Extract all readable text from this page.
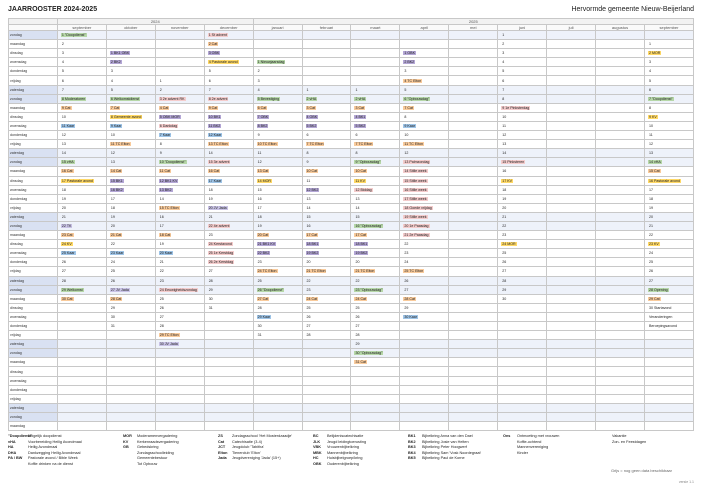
JAARROOSTER 2024-2025	Hervormde gemeente Nieuw-Beijerland
	2024				2025								
	september	oktober	november	december	januari	februari	maart	april	mei	juni	juli	augustus	september
zondag	1 "Doopdienst"			1 St advent						1			
maandag	2			2 Cat						2			1
dinsdag	3	1 BK1 OBK		3 OBK				1 OBK		3			2 MOR
woensdag	4	2 BK2		4 Pastorale avond	1 Nieuwjaarsdag			2 BK2		4			3
donderdag	5	3		5	2			3		5			4
vrijdag	6	4	1	6	3			4 TC Elton		6			5
zaterdag	7	5	2	7	4	1	1	5		7			6
zondag	8 Moderatoren	6 Welkomstdienst	3 2e advent RK	8 2e advent	5 Bevestiging	2 vHA	2 vHA	6 "Opbouwdag"		8			7 "Doopdienst"
maandag	9 Cat	7 Cat	4 Cat	9 Cat	6 Cat	3 Cat	3 Cat	7 Cat		9 1e Pinksterdag			8
dinsdag	10	8 Gemeente avond	5 OBK MOR	10 BK1	7 OBK	4 OBK	4 BK1	8		10			9 KV
woensdag	11 Kaar	9 Kaar	6 Dankdag	11 BK2	8 BK2	5 BK2	5 BK2	9 Kaar		11			10
donderdag	12	10	7 Kaar	12 Kaar	9	6	6	10		12			11
vrijdag	13	11 TC Elton	8	13 TC Elton	10 TC Elton	7 TC Elton	7 TC Elton	11 TC Elton		13			12
zaterdag	14	12	9	14	11	8	8	12		14			13
zondag	15 vHA	13	10 "Doopdienst"	15 3e advent	12	9	9 "Opbouwdag"	13 Palmzondag		15 Pinksteren			14 vHA
maandag	16 Cat	14 Cat	11 Cat	16 Cat	13 Cat	10 Cat	10 Cat	14 Stille week		16			15 Cat
dinsdag	17 Pastorale avond	15 BK1	12 BK1 KV	17 Kaar	14 MOR	11	11 KV	15 Stille week		17 KV			16 Pastorale avond
woensdag	18	16 BK2	13 BK2	18	15	12 BK2	12 Biddag	16 Stille week		18			17
donderdag	19	17	14	19	16	13	13	17 Stille week		19			18
vrijdag	20	18	15 TC Elton	20 JV Jada	17	14	14	18 Goede vrijdag		20			19
zaterdag	21	19	16	21	18	15	15	19 Stille week		21			20
zondag	22 TK	20	17	22 4e advent	19	16	16 "Opbouwdag"	20 1e Paasdag		22			21
maandag	23 Cat	21 Cat	18 Cat	23	20 Cat	17 Cat	17 Cat	21 2e Paasdag		23			22
dinsdag	24 KV	22	19	24 Kerstavond	21 BK1 KV	18 BK1	18 BK1	22		24 MOR			23 KV
woensdag	25 Kaar	23 Kaar	20 Kaar	25 1e Kerstdag	22 BK2	19 BK2	19 BK2	23		25			24
donderdag	26	24	21	26 2e Kerstdag	23	20	20	24		26			25
vrijdag	27	25	22	27	24 TC Elton	21 TC Elton	21 TC Elton	25 TC Elton		27			26
zaterdag	28	26	23	28	25	22	22	26		28			27
zondag	29 Welkomst	27 JV Jada	24 Eeuwigheidszondag	29	26 "Doopdienst"	23	23 "Opbouwdag"	27		29			28 Opening
maandag	30 Cat	28 Cat	25	30	27 Cat	24 Cat	24 Cat	28 Cat		30			29 Cat
dinsdag		29	26	31	28	25	25	29					30 Startavond
woensdag		30	27		29 Kaar	26	26	30 Kaar					Veranderingen
donderdag		31	28		30	27	27						Beroepingsavond
vrijdag			29 TC Elton		31	28	28						
zaterdag			30 JV Jada				29						
zondag							30 "Opbouwdag"						
maandag							31 Cat						
dinsdag													
woensdag													
donderdag													
vrijdag													
zaterdag													
zondag													
maandag													
"Doopdienst"Mogelijk doopdienst
vHA	Voorbereiding Heilig Avondmaal
HA	Heilig Avondmaal
DHA	Dankzegging Heilig Avondmaal
PA / BW Pastorale avond / Bible Week
Koffie drinken na de dienst
MOR Moderamenvergadering
KV Kerkenraadsvergadering
GB Gebedskring
Zondagsschoolleiding
Gemeentebestuur
Tot Opbouw
ZS Zondagsschool 'Het Mosterdzaadje'
Cat Catechisatie (3-4)
JCT Jeugdclub 'Tabitha'
Elton Tienerclub 'Elton'
Jada Jeugdvereniging 'Jada' (15+)
BC Belijdeniscatechisatie
JLK Jeugd leidingtoerusting
VBK Vrouwenbijbelkring
MBK Mannenbijbelkring
HC Huisbijbelgroep/kring
OBK Ouderenbijbelkring
BK1 Bijbelkring Anna van den Dael
BK2 Bijbelkring Josie van Helten
BK3 Bijbelkring Peter Hoogwerf
BK4 Bijbelkring Sam 'Vosk Noordegraaf
BK5 Bijbelkring Paul de Korne
Ons Ontmoeting met vrouwen
Koffie-ochtend
Mannenvereniging
Kinder
Vakantie
Zon- en Feestdagen
Grijs = nog geen data beschikbaar
versie 1.1
